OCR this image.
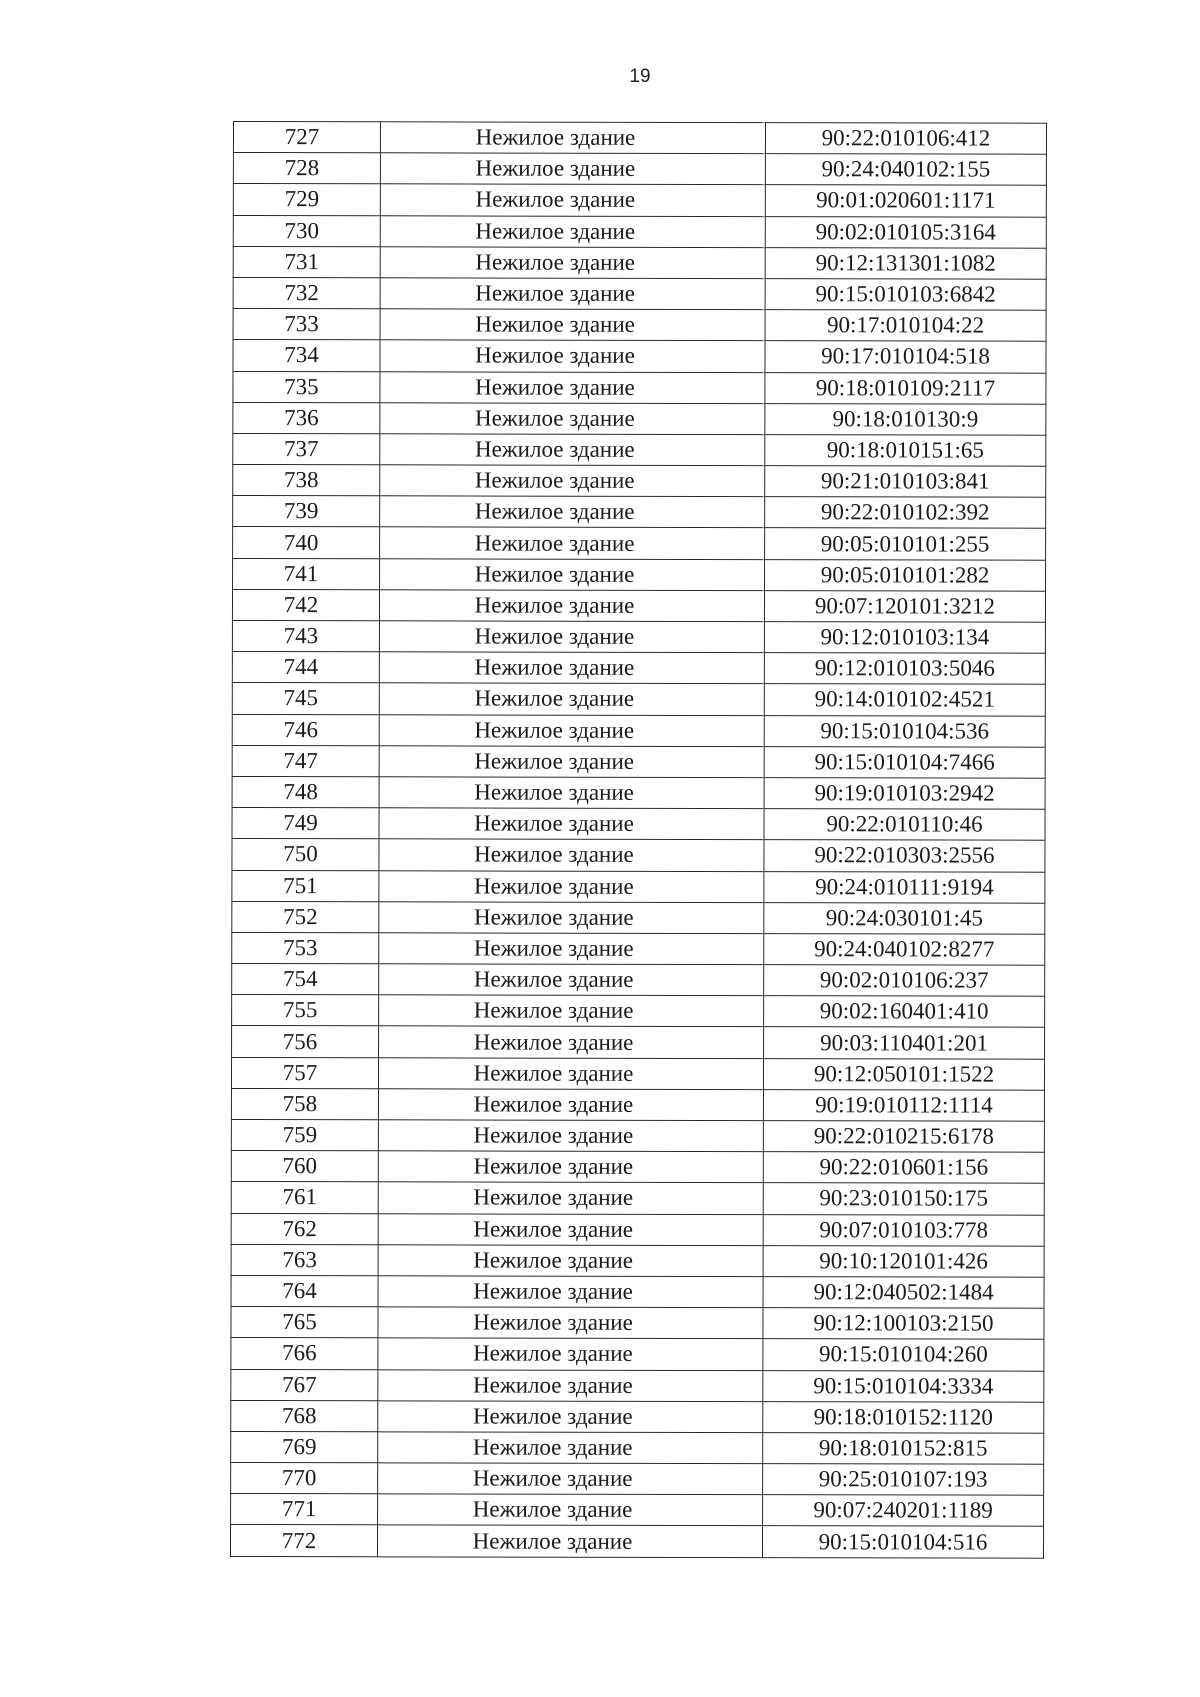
19
727	Нежилое здание	90:22:010106:412
728	Нежилое здание	90:24:040102:155
729	Нежилое здание	90:01:020601:1171
730	Нежилое здание	90:02:010105:3164
731	Нежилое здание	90:12:131301:1082
732	Нежилое здание	90:15:010103:6842
733	Нежилое здание	90:17:010104:22
734	Нежилое здание	90:17:010104:518
735	Нежилое здание	90:18:010109:2117
736	Нежилое здание	90:18:010130:9
737	Нежилое здание	90:18:010151:65
738	Нежилое здание	90:21:010103:841
739	Нежилое здание	90:22:010102:392
740	Нежилое здание	90:05:010101:255
741	Нежилое здание	90:05:010101:282
742	Нежилое здание	90:07:120101:3212
743	Нежилое здание	90:12:010103:134
744	Нежилое здание	90:12:010103:5046
745	Нежилое здание	90:14:010102:4521
746	Нежилое здание	90:15:010104:536
747	Нежилое здание	90:15:010104:7466
748	Нежилое здание	90:19:010103:2942
749	Нежилое здание	90:22:010110:46
750	Нежилое здание	90:22:010303:2556
751	Нежилое здание	90:24:010111:9194
752	Нежилое здание	90:24:030101:45
753	Нежилое здание	90:24:040102:8277
754	Нежилое здание	90:02:010106:237
755	Нежилое здание	90:02:160401:410
756	Нежилое здание	90:03:110401:201
757	Нежилое здание	90:12:050101:1522
758	Нежилое здание	90:19:010112:1114
759	Нежилое здание	90:22:010215:6178
760	Нежилое здание	90:22:010601:156
761	Нежилое здание	90:23:010150:175
762	Нежилое здание	90:07:010103:778
763	Нежилое здание	90:10:120101:426
764	Нежилое здание	90:12:040502:1484
765	Нежилое здание	90:12:100103:2150
766	Нежилое здание	90:15:010104:260
767	Нежилое здание	90:15:010104:3334
768	Нежилое здание	90:18:010152:1120
769	Нежилое здание	90:18:010152:815
770	Нежилое здание	90:25:010107:193
771	Нежилое здание	90:07:240201:1189
772	Нежилое здание	90:15:010104:516
